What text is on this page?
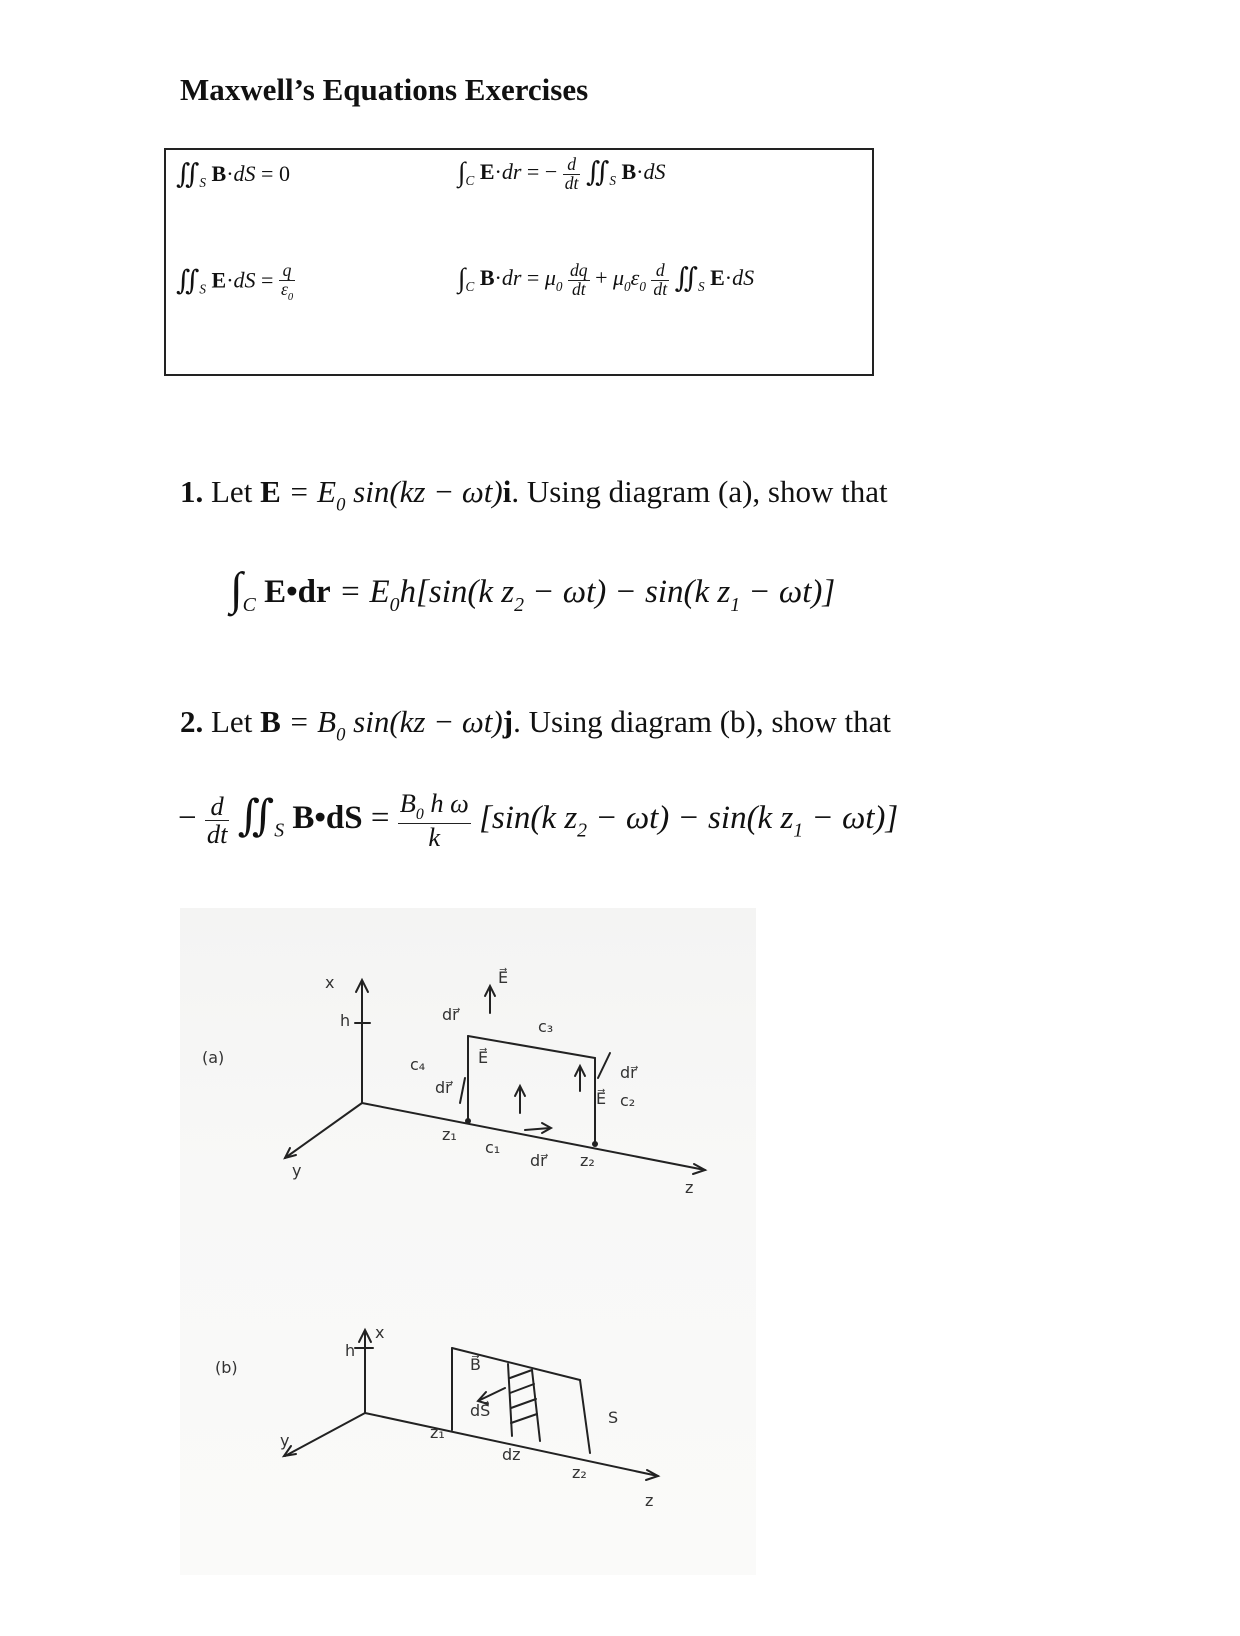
Maxwell’s Equations Exercises
$∬_S$ B·dS = 0	$\int_C$ E·dr = − $\frac{d}{dt}$ $∬_S$ B·dS
$∬_S$ $E\cdot dS = \frac{q}{\varepsilon_0}$	$\int_C$ $B\cdot dr = \mu_0 \frac{dq}{dt} + \mu_0\varepsilon_0 \frac{d}{dt}$ $∬_S$ E·dS
1. Let $E = E_0$ sin(kz − ωt)i. Using diagram (a), show that
$\int_C$ E•dr = $E_0h[\sin(k$ $z_2 - \omega t) - \sin(k$ $z_1 - \omega t$)]
2. Let $B = B_0$ sin(kz − ωt)j. Using diagram (b), show that
− $\frac{d}{dt}$ $∬_S$ B•dS = $\frac{B_0 h \omega}{k} [\sin(k$ $z_2 - \omega t) - \sin(k$ $z_1 - \omega t$)]
(a)
x
h
y
z
z₁
z₂
c₁
c₂
c₃
c₄
dr⃗
dr⃗
dr⃗
dr⃗
E⃗
E⃗
E⃗
(b)
x
h
y
z
z₁
z₂
B⃗
dS⃗
dz
S
